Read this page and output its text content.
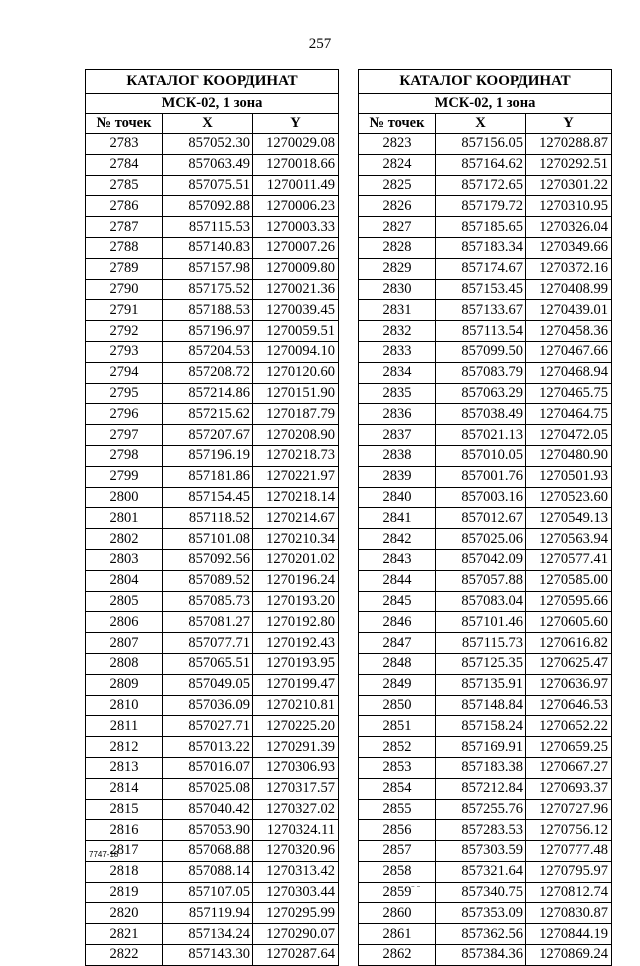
257
КАТАЛОГ КООРДИНАТ		
МСК-02, 1 зона		
№ точек	X	Y
2783	857052.30	1270029.08
2784	857063.49	1270018.66
2785	857075.51	1270011.49
2786	857092.88	1270006.23
2787	857115.53	1270003.33
2788	857140.83	1270007.26
2789	857157.98	1270009.80
2790	857175.52	1270021.36
2791	857188.53	1270039.45
2792	857196.97	1270059.51
2793	857204.53	1270094.10
2794	857208.72	1270120.60
2795	857214.86	1270151.90
2796	857215.62	1270187.79
2797	857207.67	1270208.90
2798	857196.19	1270218.73
2799	857181.86	1270221.97
2800	857154.45	1270218.14
2801	857118.52	1270214.67
2802	857101.08	1270210.34
2803	857092.56	1270201.02
2804	857089.52	1270196.24
2805	857085.73	1270193.20
2806	857081.27	1270192.80
2807	857077.71	1270192.43
2808	857065.51	1270193.95
2809	857049.05	1270199.47
2810	857036.09	1270210.81
2811	857027.71	1270225.20
2812	857013.22	1270291.39
2813	857016.07	1270306.93
2814	857025.08	1270317.57
2815	857040.42	1270327.02
2816	857053.90	1270324.11
2817	857068.88	1270320.96
2818	857088.14	1270313.42
2819	857107.05	1270303.44
2820	857119.94	1270295.99
2821	857134.24	1270290.07
2822	857143.30	1270287.64
КАТАЛОГ КООРДИНАТ		
МСК-02, 1 зона		
№ точек	X	Y
2823	857156.05	1270288.87
2824	857164.62	1270292.51
2825	857172.65	1270301.22
2826	857179.72	1270310.95
2827	857185.65	1270326.04
2828	857183.34	1270349.66
2829	857174.67	1270372.16
2830	857153.45	1270408.99
2831	857133.67	1270439.01
2832	857113.54	1270458.36
2833	857099.50	1270467.66
2834	857083.79	1270468.94
2835	857063.29	1270465.75
2836	857038.49	1270464.75
2837	857021.13	1270472.05
2838	857010.05	1270480.90
2839	857001.76	1270501.93
2840	857003.16	1270523.60
2841	857012.67	1270549.13
2842	857025.06	1270563.94
2843	857042.09	1270577.41
2844	857057.88	1270585.00
2845	857083.04	1270595.66
2846	857101.46	1270605.60
2847	857115.73	1270616.82
2848	857125.35	1270625.47
2849	857135.91	1270636.97
2850	857148.84	1270646.53
2851	857158.24	1270652.22
2852	857169.91	1270659.25
2853	857183.38	1270667.27
2854	857212.84	1270693.37
2855	857255.76	1270727.96
2856	857283.53	1270756.12
2857	857303.59	1270777.48
2858	857321.64	1270795.97
2859	857340.75	1270812.74
2860	857353.09	1270830.87
2861	857362.56	1270844.19
2862	857384.36	1270869.24
7747-18
